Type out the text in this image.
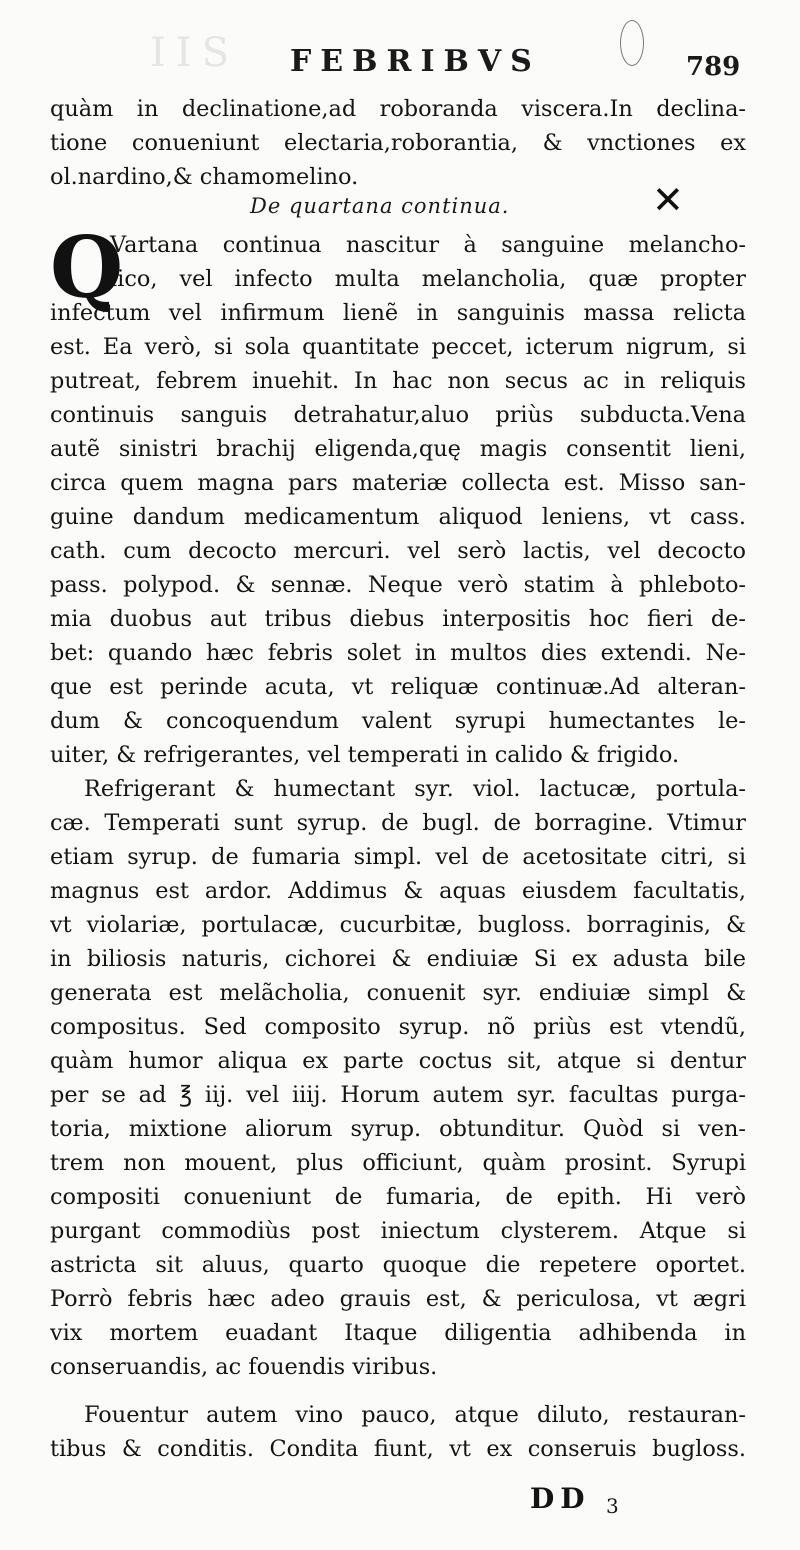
IIS FEBRIBVS	789
quàm in declinatione,ad roboranda viscera.In declina-
tione conueniunt electaria,roborantia, & vnctiones ex
ol.nardino,& chamomelino.
De quartana continua.	✕
Q
Vartana continua nascitur à sanguine melancho-
lico, vel infecto multa melancholia, quæ propter
infectum vel infirmum lienẽ in sanguinis massa relicta
est. Ea verò, si sola quantitate peccet, icterum nigrum, si
putreat, febrem inuehit. In hac non secus ac in reliquis
continuis sanguis detrahatur,aluo priùs subducta.Vena
autẽ sinistri brachij eligenda,quę magis consentit lieni,
circa quem magna pars materiæ collecta est. Misso san-
guine dandum medicamentum aliquod leniens, vt cass.
cath. cum decocto mercuri. vel serò lactis, vel decocto
pass. polypod. & sennæ. Neque verò statim à phleboto-
mia duobus aut tribus diebus interpositis hoc fieri de-
bet: quando hæc febris solet in multos dies extendi. Ne-
que est perinde acuta, vt reliquæ continuæ.Ad alteran-
dum & concoquendum valent syrupi humectantes le-
uiter, & refrigerantes, vel temperati in calido & frigido.
Refrigerant & humectant syr. viol. lactucæ, portula-
cæ. Temperati sunt syrup. de bugl. de borragine. Vtimur
etiam syrup. de fumaria simpl. vel de acetositate citri, si
magnus est ardor. Addimus & aquas eiusdem facultatis,
vt violariæ, portulacæ, cucurbitæ, bugloss. borraginis, &
in biliosis naturis, cichorei & endiuiæ Si ex adusta bile
generata est melãcholia, conuenit syr. endiuiæ simpl &
compositus. Sed composito syrup. nõ priùs est vtendũ,
quàm humor aliqua ex parte coctus sit, atque si dentur
per se ad ℥ iij. vel iiij. Horum autem syr. facultas purga-
toria, mixtione aliorum syrup. obtunditur. Quòd si ven-
trem non mouent, plus officiunt, quàm prosint. Syrupi
compositi conueniunt de fumaria, de epith. Hi verò
purgant commodiùs post iniectum clysterem. Atque si
astricta sit aluus, quarto quoque die repetere oportet.
Porrò febris hæc adeo grauis est, & periculosa, vt ægri
vix mortem euadant Itaque diligentia adhibenda in
conseruandis, ac fouendis viribus.
Fouentur autem vino pauco, atque diluto, restauran-
tibus & conditis. Condita fiunt, vt ex conseruis bugloss.
DD 3
